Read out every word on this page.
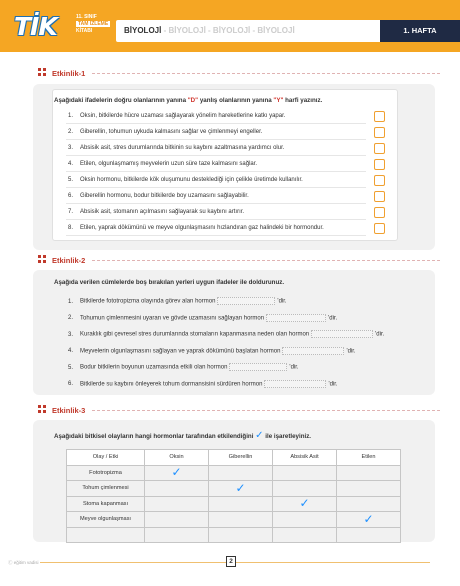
TİK	11. SINIF
TAM İZLEME
KİTABI	BİYOLOJİ - BİYOLOJİ - BİYOLOJİ - BİYOLOJİ	1. HAFTA
Etkinlik-1
Aşağıdaki ifadelerin doğru olanlarının yanına "D" yanlış olanlarının yanına "Y" harfi yazınız.
1. Oksin, bitkilerde hücre uzaması sağlayarak yönelim hareketlerine katkı yapar.
2. Giberellin, tohumun uykuda kalmasını sağlar ve çimlenmeyi engeller.
3. Absisik asit, stres durumlarında bitkinin su kaybını azaltmasına yardımcı olur.
4. Etilen, olgunlaşmamış meyvelerin uzun süre taze kalmasını sağlar.
5. Oksin hormonu, bitkilerde kök oluşumunu desteklediği için çelikle üretimde kullanılır.
6. Giberellin hormonu, bodur bitkilerde boy uzamasını sağlayabilir.
7. Absisik asit, stomanın açılmasını sağlayarak su kaybını artırır.
8. Etilen, yaprak dökümünü ve meyve olgunlaşmasını hızlandıran gaz halindeki bir hormondur.
Etkinlik-2
Aşağıda verilen cümlelerde boş bırakılan yerleri uygun ifadeler ile doldurunuz.
1. Bitkilerde fototropizma olayında görev alan hormon	'dir.
2. Tohumun çimlenmesini uyaran ve gövde uzamasını sağlayan hormon	'dir.
3. Kuraklık gibi çevresel stres durumlarında stomaların kapanmasına neden olan hormon	'dir.
4. Meyvelerin olgunlaşmasını sağlayan ve yaprak dökümünü başlatan hormon	'dir.
5. Bodur bitkilerin boyunun uzamasında etkili olan hormon	'dir.
6. Bitkilerde su kaybını önleyerek tohum dormansisini sürdüren hormon	'dir.
Etkinlik-3
Aşağıdaki bitkisel olayların hangi hormonlar tarafından etkilendiğini ✓ ile işaretleyiniz.
Olay / Etki	Oksin	Giberellin	Absisik Asit	Etilen
Fototropizma	✓			
Tohum çimlenmesi		✓		
Stoma kapanması			✓	
Meyve olgunlaşması				✓

Ⓒ eğitim vadisi	2
